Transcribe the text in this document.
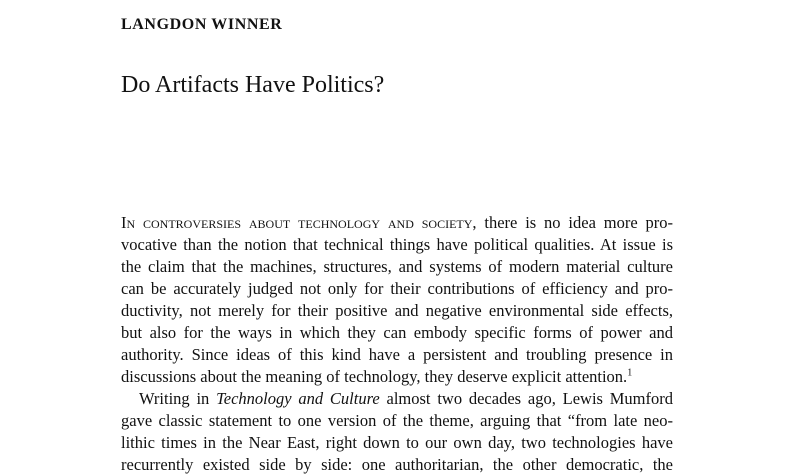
LANGDON WINNER
Do Artifacts Have Politics?
In controversies about technology and society, there is no idea more pro-
vocative than the notion that technical things have political qualities. At issue is
the claim that the machines, structures, and systems of modern material culture
can be accurately judged not only for their contributions of efficiency and pro-
ductivity, not merely for their positive and negative environmental side effects,
but also for the ways in which they can embody specific forms of power and
authority. Since ideas of this kind have a persistent and troubling presence in
discussions about the meaning of technology, they deserve explicit attention.$^1$
Writing in Technology and Culture almost two decades ago, Lewis Mumford
gave classic statement to one version of the theme, arguing that “from late neo-
lithic times in the Near East, right down to our own day, two technologies have
recurrently existed side by side: one authoritarian, the other democratic, the
